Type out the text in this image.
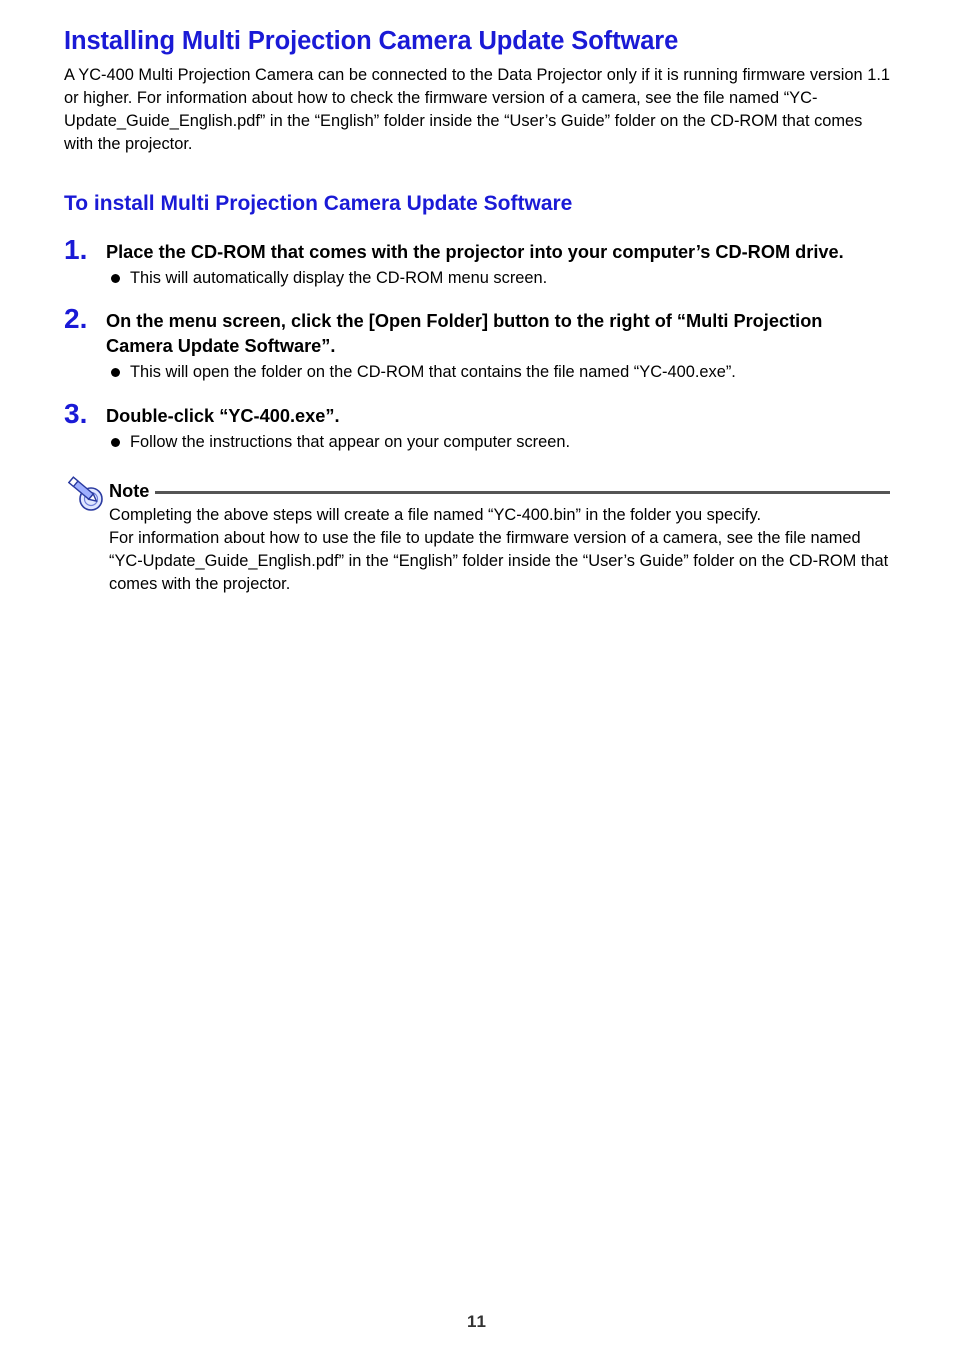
Installing Multi Projection Camera Update Software

A YC-400 Multi Projection Camera can be connected to the Data Projector only if it is running firmware version 1.1 or higher. For information about how to check the firmware version of a camera, see the file named “YC-Update_Guide_English.pdf” in the “English” folder inside the “User’s Guide” folder on the CD-ROM that comes with the projector.

To install Multi Projection Camera Update Software
1. Place the CD-ROM that comes with the projector into your computer’s CD-ROM drive.

This will automatically display the CD-ROM menu screen.
2. On the menu screen, click the [Open Folder] button to the right of “Multi Projection Camera Update Software”.

This will open the folder on the CD-ROM that contains the file named “YC-400.exe”.
3. Double-click “YC-400.exe”.

Follow the instructions that appear on your computer screen.
Note

Completing the above steps will create a file named “YC-400.bin” in the folder you specify.

For information about how to use the file to update the firmware version of a camera, see the file named “YC-Update_Guide_English.pdf” in the “English” folder inside the “User’s Guide” folder on the CD-ROM that comes with the projector.

11
